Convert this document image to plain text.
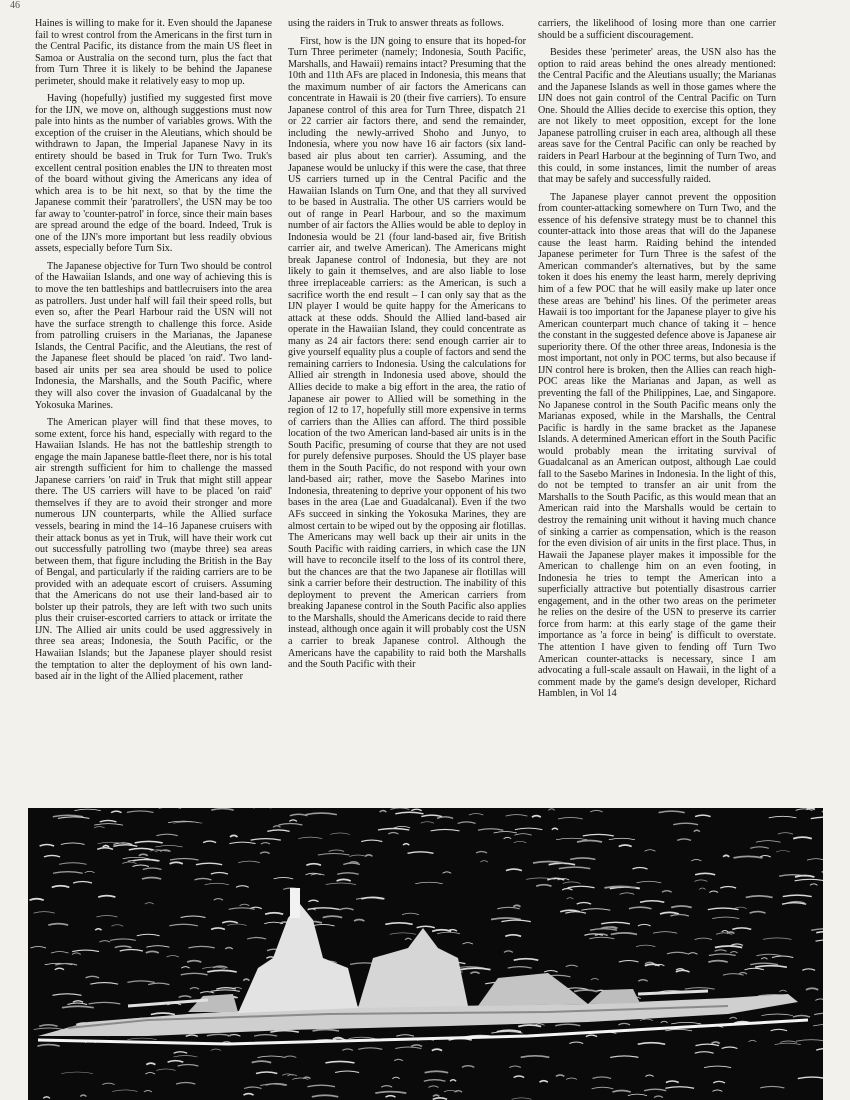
46

Haines is willing to make for it. Even should the Japanese fail to wrest control from the Americans in the first turn in the Central Pacific, its distance from the main US fleet in Samoa or Australia on the second turn, plus the fact that from Turn Three it is likely to be behind the Japanese perimeter, should make it relatively easy to mop up.

Having (hopefully) justified my suggested first move for the IJN, we move on, although suggestions must now pale into hints as the number of variables grows. With the exception of the cruiser in the Aleutians, which should be withdrawn to Japan, the Imperial Japanese Navy in its entirety should be based in Truk for Turn Two. Truk's excellent central position enables the IJN to threaten most of the board without giving the Americans any idea of which area is to be hit next, so that by the time the Japanese commit their 'paratrollers', the USN may be too far away to 'counter-patrol' in force, since their main bases are spread around the edge of the board. Indeed, Truk is one of the IJN's more important but less readily obvious assets, especially before Turn Six.

The Japanese objective for Turn Two should be control of the Hawaiian Islands, and one way of achieving this is to move the ten battleships and battlecruisers into the area as patrollers. Just under half will fail their speed rolls, but even so, after the Pearl Harbour raid the USN will not have the surface strength to challenge this force. Aside from patrolling cruisers in the Marianas, the Japanese Islands, the Central Pacific, and the Aleutians, the rest of the Japanese fleet should be placed 'on raid'. Two land-based air units per sea area should be used to police Indonesia, the Marshalls, and the South Pacific, where they will also cover the invasion of Guadalcanal by the Yokosuka Marines.

The American player will find that these moves, to some extent, force his hand, especially with regard to the Hawaiian Islands. He has not the battleship strength to engage the main Japanese battle-fleet there, nor is his total air strength sufficient for him to challenge the massed Japanese carriers 'on raid' in Truk that might still appear there. The US carriers will have to be placed 'on raid' themselves if they are to avoid their stronger and more numerous IJN counterparts, while the Allied surface vessels, bearing in mind the 14–16 Japanese cruisers with their attack bonus as yet in Truk, will have their work cut out successfully patrolling two (maybe three) sea areas between them, that figure including the British in the Bay of Bengal, and particularly if the raiding carriers are to be provided with an adequate escort of cruisers. Assuming that the Americans do not use their land-based air to bolster up their patrols, they are left with two such units plus their cruiser-escorted carriers to attack or irritate the IJN. The Allied air units could be used aggressively in three sea areas; Indonesia, the South Pacific, or the Hawaiian Islands; but the Japanese player should resist the temptation to alter the deployment of his own land-based air in the light of the Allied placement, rather

using the raiders in Truk to answer threats as follows.

First, how is the IJN going to ensure that its hoped-for Turn Three perimeter (namely; Indonesia, South Pacific, Marshalls, and Hawaii) remains intact? Presuming that the 10th and 11th AFs are placed in Indonesia, this means that the maximum number of air factors the Americans can concentrate in Hawaii is 20 (their five carriers). To ensure Japanese control of this area for Turn Three, dispatch 21 or 22 carrier air factors there, and send the remainder, including the newly-arrived Shoho and Junyo, to Indonesia, where you now have 16 air factors (six land-based air plus about ten carrier). Assuming, and the Japanese would be unlucky if this were the case, that three US carriers turned up in the Central Pacific and the Hawaiian Islands on Turn One, and that they all survived to be based in Australia. The other US carriers would be out of range in Pearl Harbour, and so the maximum number of air factors the Allies would be able to deploy in Indonesia would be 21 (four land-based air, five British carrier air, and twelve American). The Americans might break Japanese control of Indonesia, but they are not likely to gain it themselves, and are also liable to lose three irreplaceable carriers: as the American, is such a sacrifice worth the end result – I can only say that as the IJN player I would be quite happy for the Americans to attack at these odds. Should the Allied land-based air operate in the Hawaiian Island, they could concentrate as many as 24 air factors there: send enough carrier air to give yourself equality plus a couple of factors and send the remaining carriers to Indonesia. Using the calculations for Allied air strength in Indonesia used above, should the Allies decide to make a big effort in the area, the ratio of Japanese air power to Allied will be something in the region of 12 to 17, hopefully still more expensive in terms of carriers than the Allies can afford. The third possible location of the two American land-based air units is in the South Pacific, presuming of course that they are not used for purely defensive purposes. Should the US player base them in the South Pacific, do not respond with your own land-based air; rather, move the Sasebo Marines into Indonesia, threatening to deprive your opponent of his two bases in the area (Lae and Guadalcanal). Even if the two AFs succeed in sinking the Yokosuka Marines, they are almost certain to be wiped out by the opposing air flotillas. The Americans may well back up their air units in the South Pacific with raiding carriers, in which case the IJN will have to reconcile itself to the loss of its control there, but the chances are that the two Japanese air flotillas will sink a carrier before their destruction. The inability of this deployment to prevent the American carriers from breaking Japanese control in the South Pacific also applies to the Marshalls, should the Americans decide to raid there instead, although once again it will probably cost the USN a carrier to break Japanese control. Although the Americans have the capability to raid both the Marshalls and the South Pacific with their

carriers, the likelihood of losing more than one carrier should be a sufficient discouragement.

Besides these 'perimeter' areas, the USN also has the option to raid areas behind the ones already mentioned: the Central Pacific and the Aleutians usually; the Marianas and the Japanese Islands as well in those games where the IJN does not gain control of the Central Pacific on Turn One. Should the Allies decide to exercise this option, they are not likely to meet opposition, except for the lone Japanese patrolling cruiser in each area, although all these areas save for the Central Pacific can only be reached by raiders in Pearl Harbour at the beginning of Turn Two, and this could, in some instances, limit the number of areas that may be safely and successfully raided.

The Japanese player cannot prevent the opposition from counter-attacking somewhere on Turn Two, and the essence of his defensive strategy must be to channel this counter-attack into those areas that will do the Japanese cause the least harm. Raiding behind the intended Japanese perimeter for Turn Three is the safest of the American commander's alternatives, but by the same token it does his enemy the least harm, merely depriving him of a few POC that he will easily make up later once these areas are 'behind' his lines. Of the perimeter areas Hawaii is too important for the Japanese player to give his American counterpart much chance of taking it – hence the constant in the suggested defence above is Japanese air superiority there. Of the other three areas, Indonesia is the most important, not only in POC terms, but also because if IJN control here is broken, then the Allies can reach high-POC areas like the Marianas and Japan, as well as preventing the fall of the Philippines, Lae, and Singapore. No Japanese control in the South Pacific means only the Marianas exposed, while in the Marshalls, the Central Pacific is hardly in the same bracket as the Japanese Islands. A determined American effort in the South Pacific would probably mean the irritating survival of Guadalcanal as an American outpost, although Lae could fall to the Sasebo Marines in Indonesia. In the light of this, do not be tempted to transfer an air unit from the Marshalls to the South Pacific, as this would mean that an American raid into the Marshalls would be certain to destroy the remaining unit without it having much chance of sinking a carrier as compensation, which is the reason for the even division of air units in the first place. Thus, in Hawaii the Japanese player makes it impossible for the American to challenge him on an even footing, in Indonesia he tries to tempt the American into a superficially attractive but potentially disastrous carrier engagement, and in the other two areas on the perimeter he relies on the desire of the USN to preserve its carrier force from harm: at this early stage of the game their importance as 'a force in being' is difficult to overstate. The attention I have given to fending off Turn Two American counter-attacks is necessary, since I am advocating a full-scale assault on Hawaii, in the light of a comment made by the game's design developer, Richard Hamblen, in Vol 14
